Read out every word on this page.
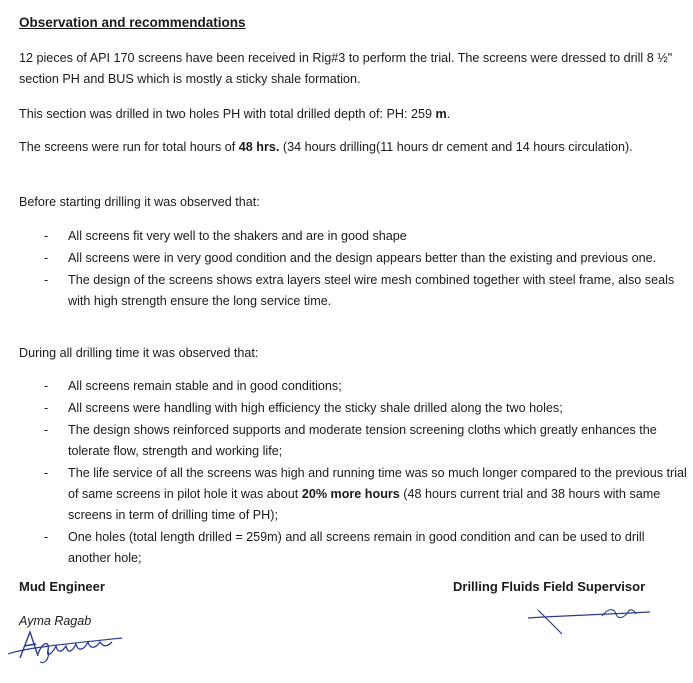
Observation and recommendations

12 pieces of API 170 screens have been received in Rig#3 to perform the trial. The screens were dressed to drill 8 ½" section PH and BUS which is mostly a sticky shale formation.

This section was drilled in two holes PH with total drilled depth of: PH: 259 m.

The screens were run for total hours of 48 hrs. (34 hours drilling(11 hours dr cement and 14 hours circulation).

Before starting drilling it was observed that:

- All screens fit very well to the shakers and are in good shape
- All screens were in very good condition and the design appears better than the existing and previous one.
- The design of the screens shows extra layers steel wire mesh combined together with steel frame, also seals with high strength ensure the long service time.

During all drilling time it was observed that:

- All screens remain stable and in good conditions;
- All screens were handling with high efficiency the sticky shale drilled along the two holes;
- The design shows reinforced supports and moderate tension screening cloths which greatly enhances the tolerate flow, strength and working life;
- The life service of all the screens was high and running time was so much longer compared to the previous trial of same screens in pilot hole it was about 20% more hours (48 hours current trial and 38 hours with same screens in term of drilling time of PH);
- One holes (total length drilled = 259m) and all screens remain in good condition and can be used to drill another hole;

Mud Engineer	Drilling Fluids Field Supervisor

Ayma Ragab
